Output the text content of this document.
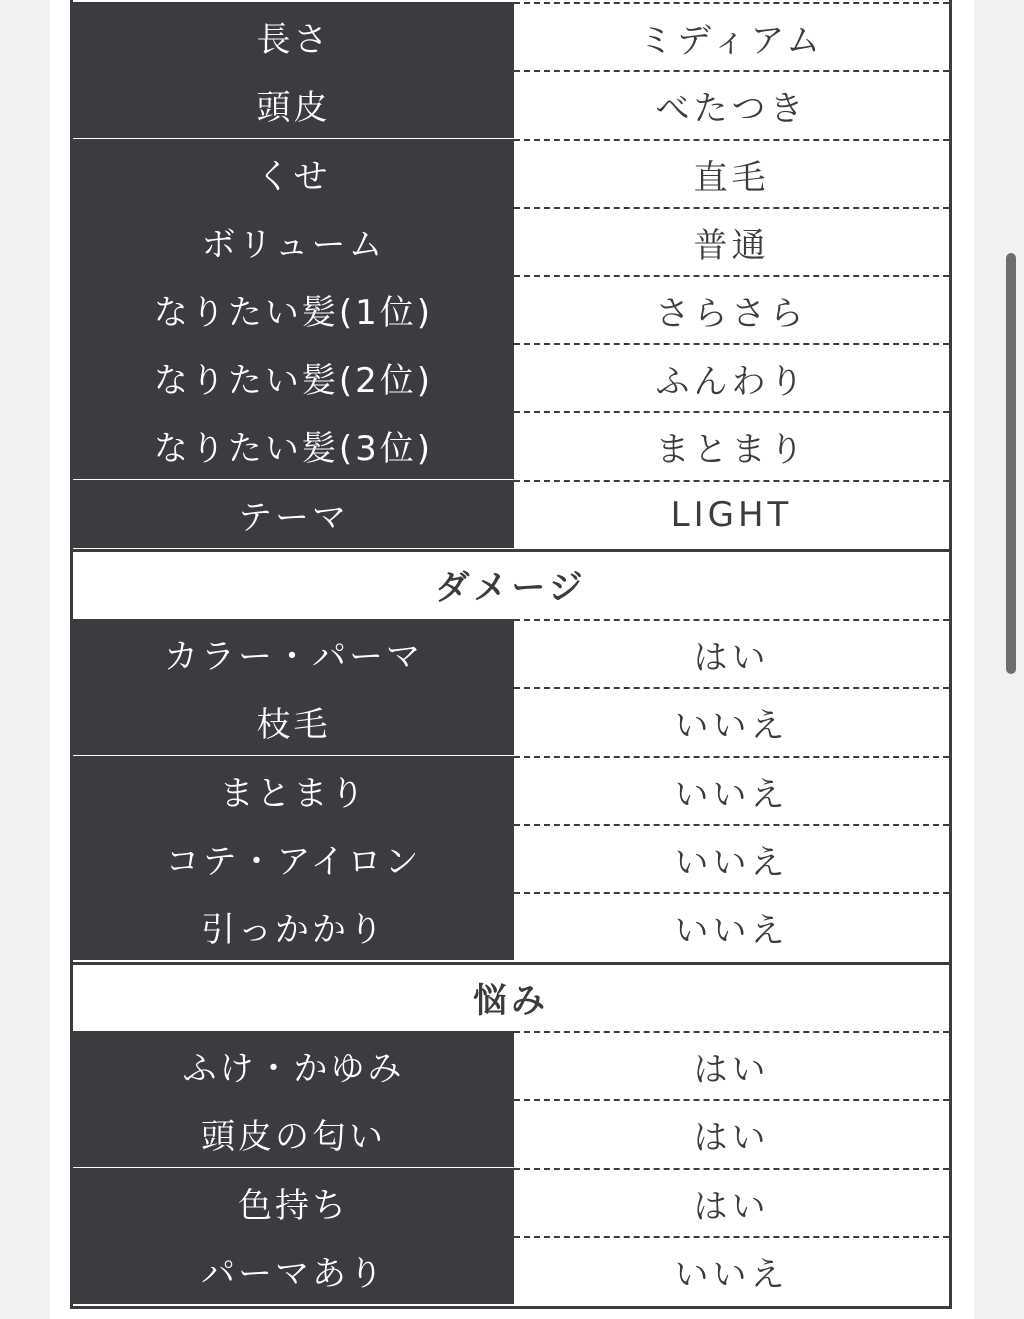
長さ	ミディアム
頭皮	べたつき
くせ	直毛
ボリューム	普通
なりたい髪(1位)	さらさら
なりたい髪(2位)	ふんわり
なりたい髪(3位)	まとまり
テーマ	LIGHT
ダメージ
カラー・パーマ	はい
枝毛	いいえ
まとまり	いいえ
コテ・アイロン	いいえ
引っかかり	いいえ
悩み
ふけ・かゆみ	はい
頭皮の匂い	はい
色持ち	はい
パーマあり	いいえ
